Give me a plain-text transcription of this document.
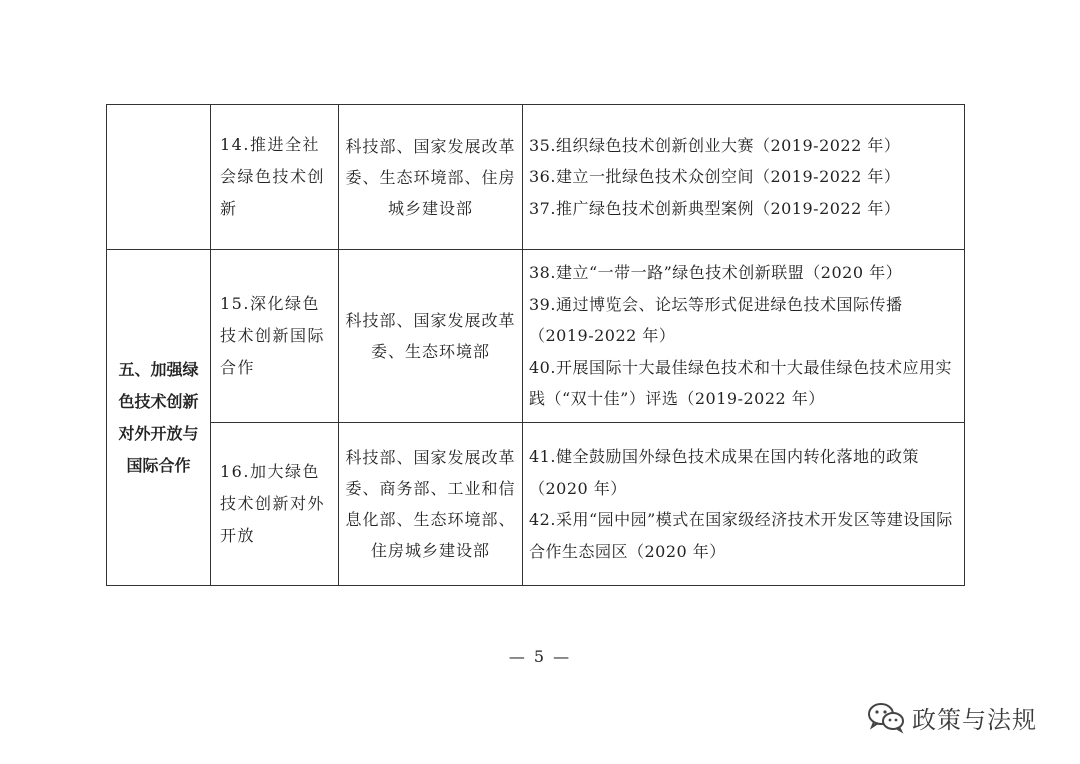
	14.推进全社会绿色技术创新	科技部、国家发展改革委、生态环境部、住房城乡建设部	35.组织绿色技术创新创业大赛（2019-2022 年）
36.建立一批绿色技术众创空间（2019-2022 年）
37.推广绿色技术创新典型案例（2019-2022 年）

五、加强绿色技术创新对外开放与国际合作	15.深化绿色技术创新国际合作	科技部、国家发展改革委、生态环境部	38.建立“一带一路”绿色技术创新联盟（2020 年）
39.通过博览会、论坛等形式促进绿色技术国际传播（2019-2022 年）
40.开展国际十大最佳绿色技术和十大最佳绿色技术应用实践（“双十佳”）评选（2019-2022 年）

	16.加大绿色技术创新对外开放	科技部、国家发展改革委、商务部、工业和信息化部、生态环境部、住房城乡建设部	41.健全鼓励国外绿色技术成果在国内转化落地的政策（2020 年）
42.采用“园中园”模式在国家级经济技术开发区等建设国际合作生态园区（2020 年）
— 5 —
政策与法规
